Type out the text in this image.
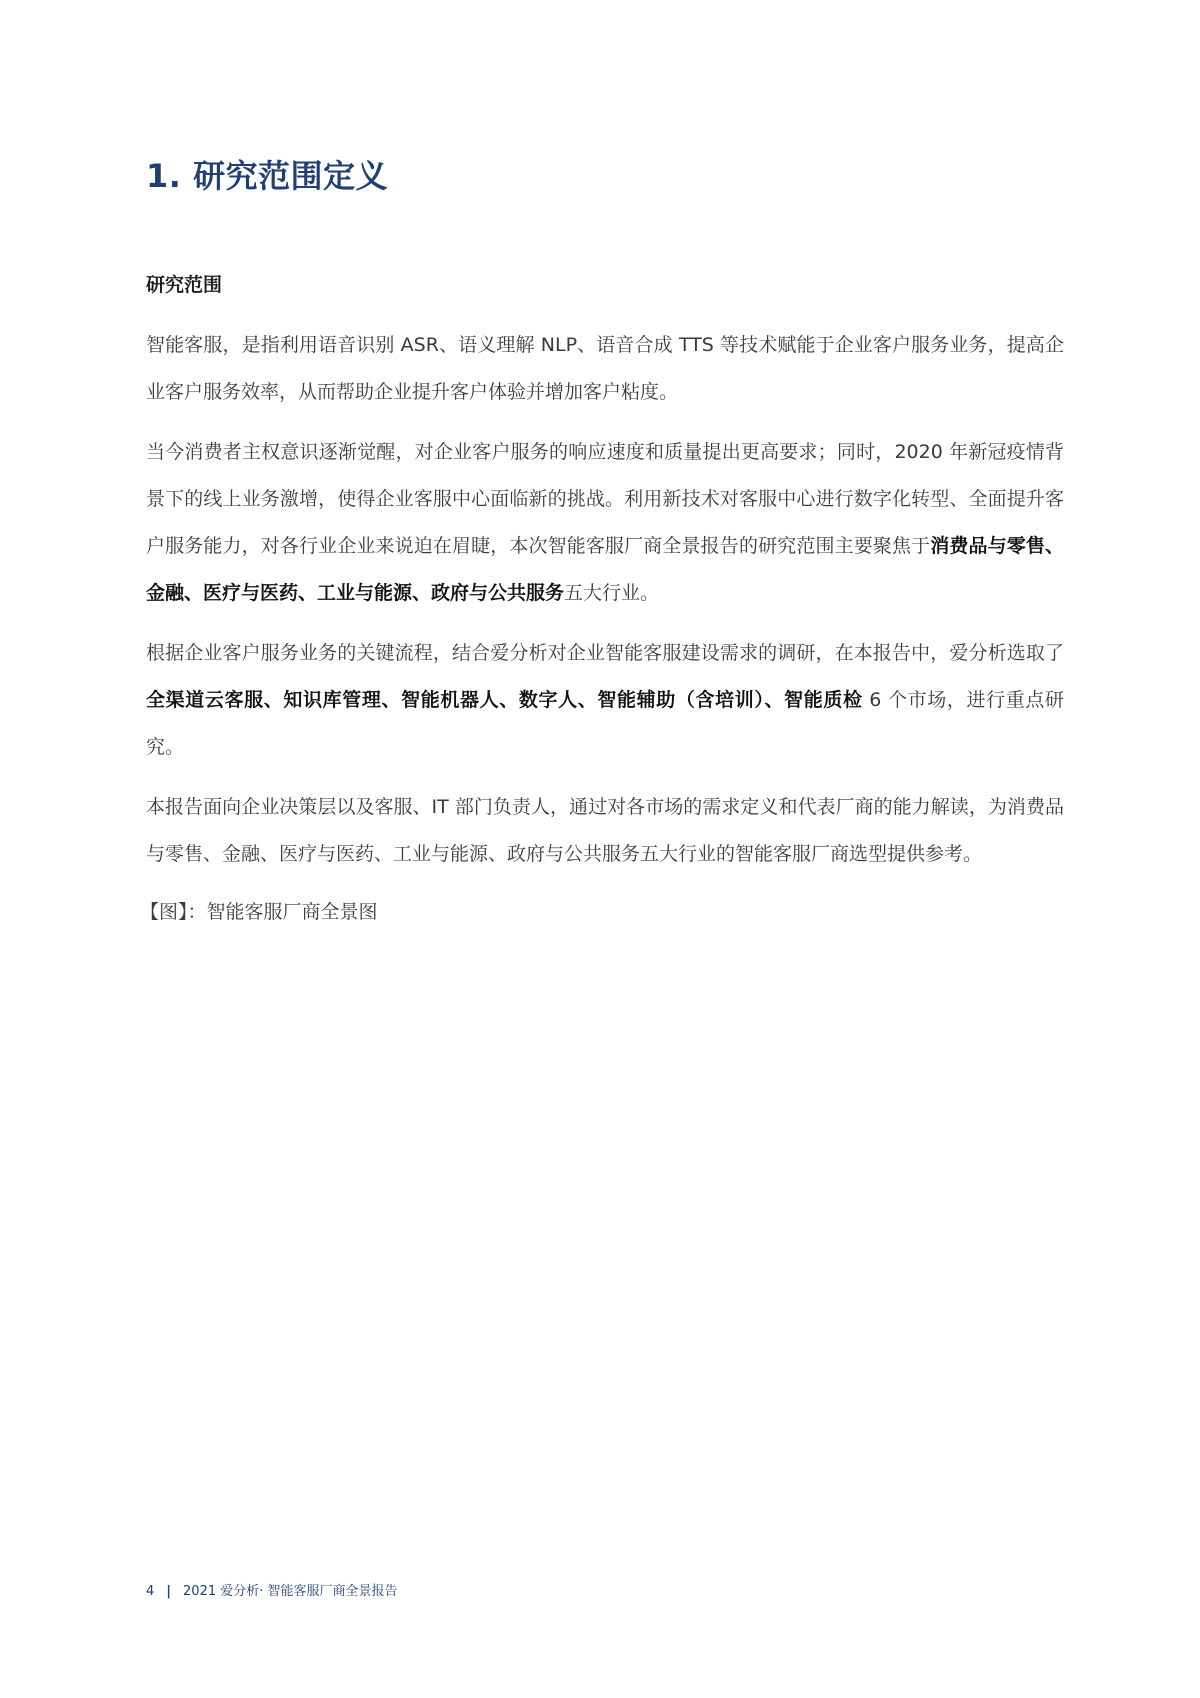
1. 研究范围定义
研究范围

智能客服，是指利用语音识别 ASR、语义理解 NLP、语音合成 TTS 等技术赋能于企业客户服务业务，提高企业客户服务效率，从而帮助企业提升客户体验并增加客户粘度。

当今消费者主权意识逐渐觉醒，对企业客户服务的响应速度和质量提出更高要求；同时，2020 年新冠疫情背景下的线上业务激增，使得企业客服中心面临新的挑战。利用新技术对客服中心进行数字化转型、全面提升客户服务能力，对各行业企业来说迫在眉睫，本次智能客服厂商全景报告的研究范围主要聚焦于消费品与零售、金融、医疗与医药、工业与能源、政府与公共服务五大行业。

根据企业客户服务业务的关键流程，结合爱分析对企业智能客服建设需求的调研，在本报告中，爱分析选取了全渠道云客服、知识库管理、智能机器人、数字人、智能辅助（含培训）、智能质检 6 个市场，进行重点研究。

本报告面向企业决策层以及客服、IT 部门负责人，通过对各市场的需求定义和代表厂商的能力解读，为消费品与零售、金融、医疗与医药、工业与能源、政府与公共服务五大行业的智能客服厂商选型提供参考。

【图】：智能客服厂商全景图

4 | 2021 爱分析· 智能客服厂商全景报告
